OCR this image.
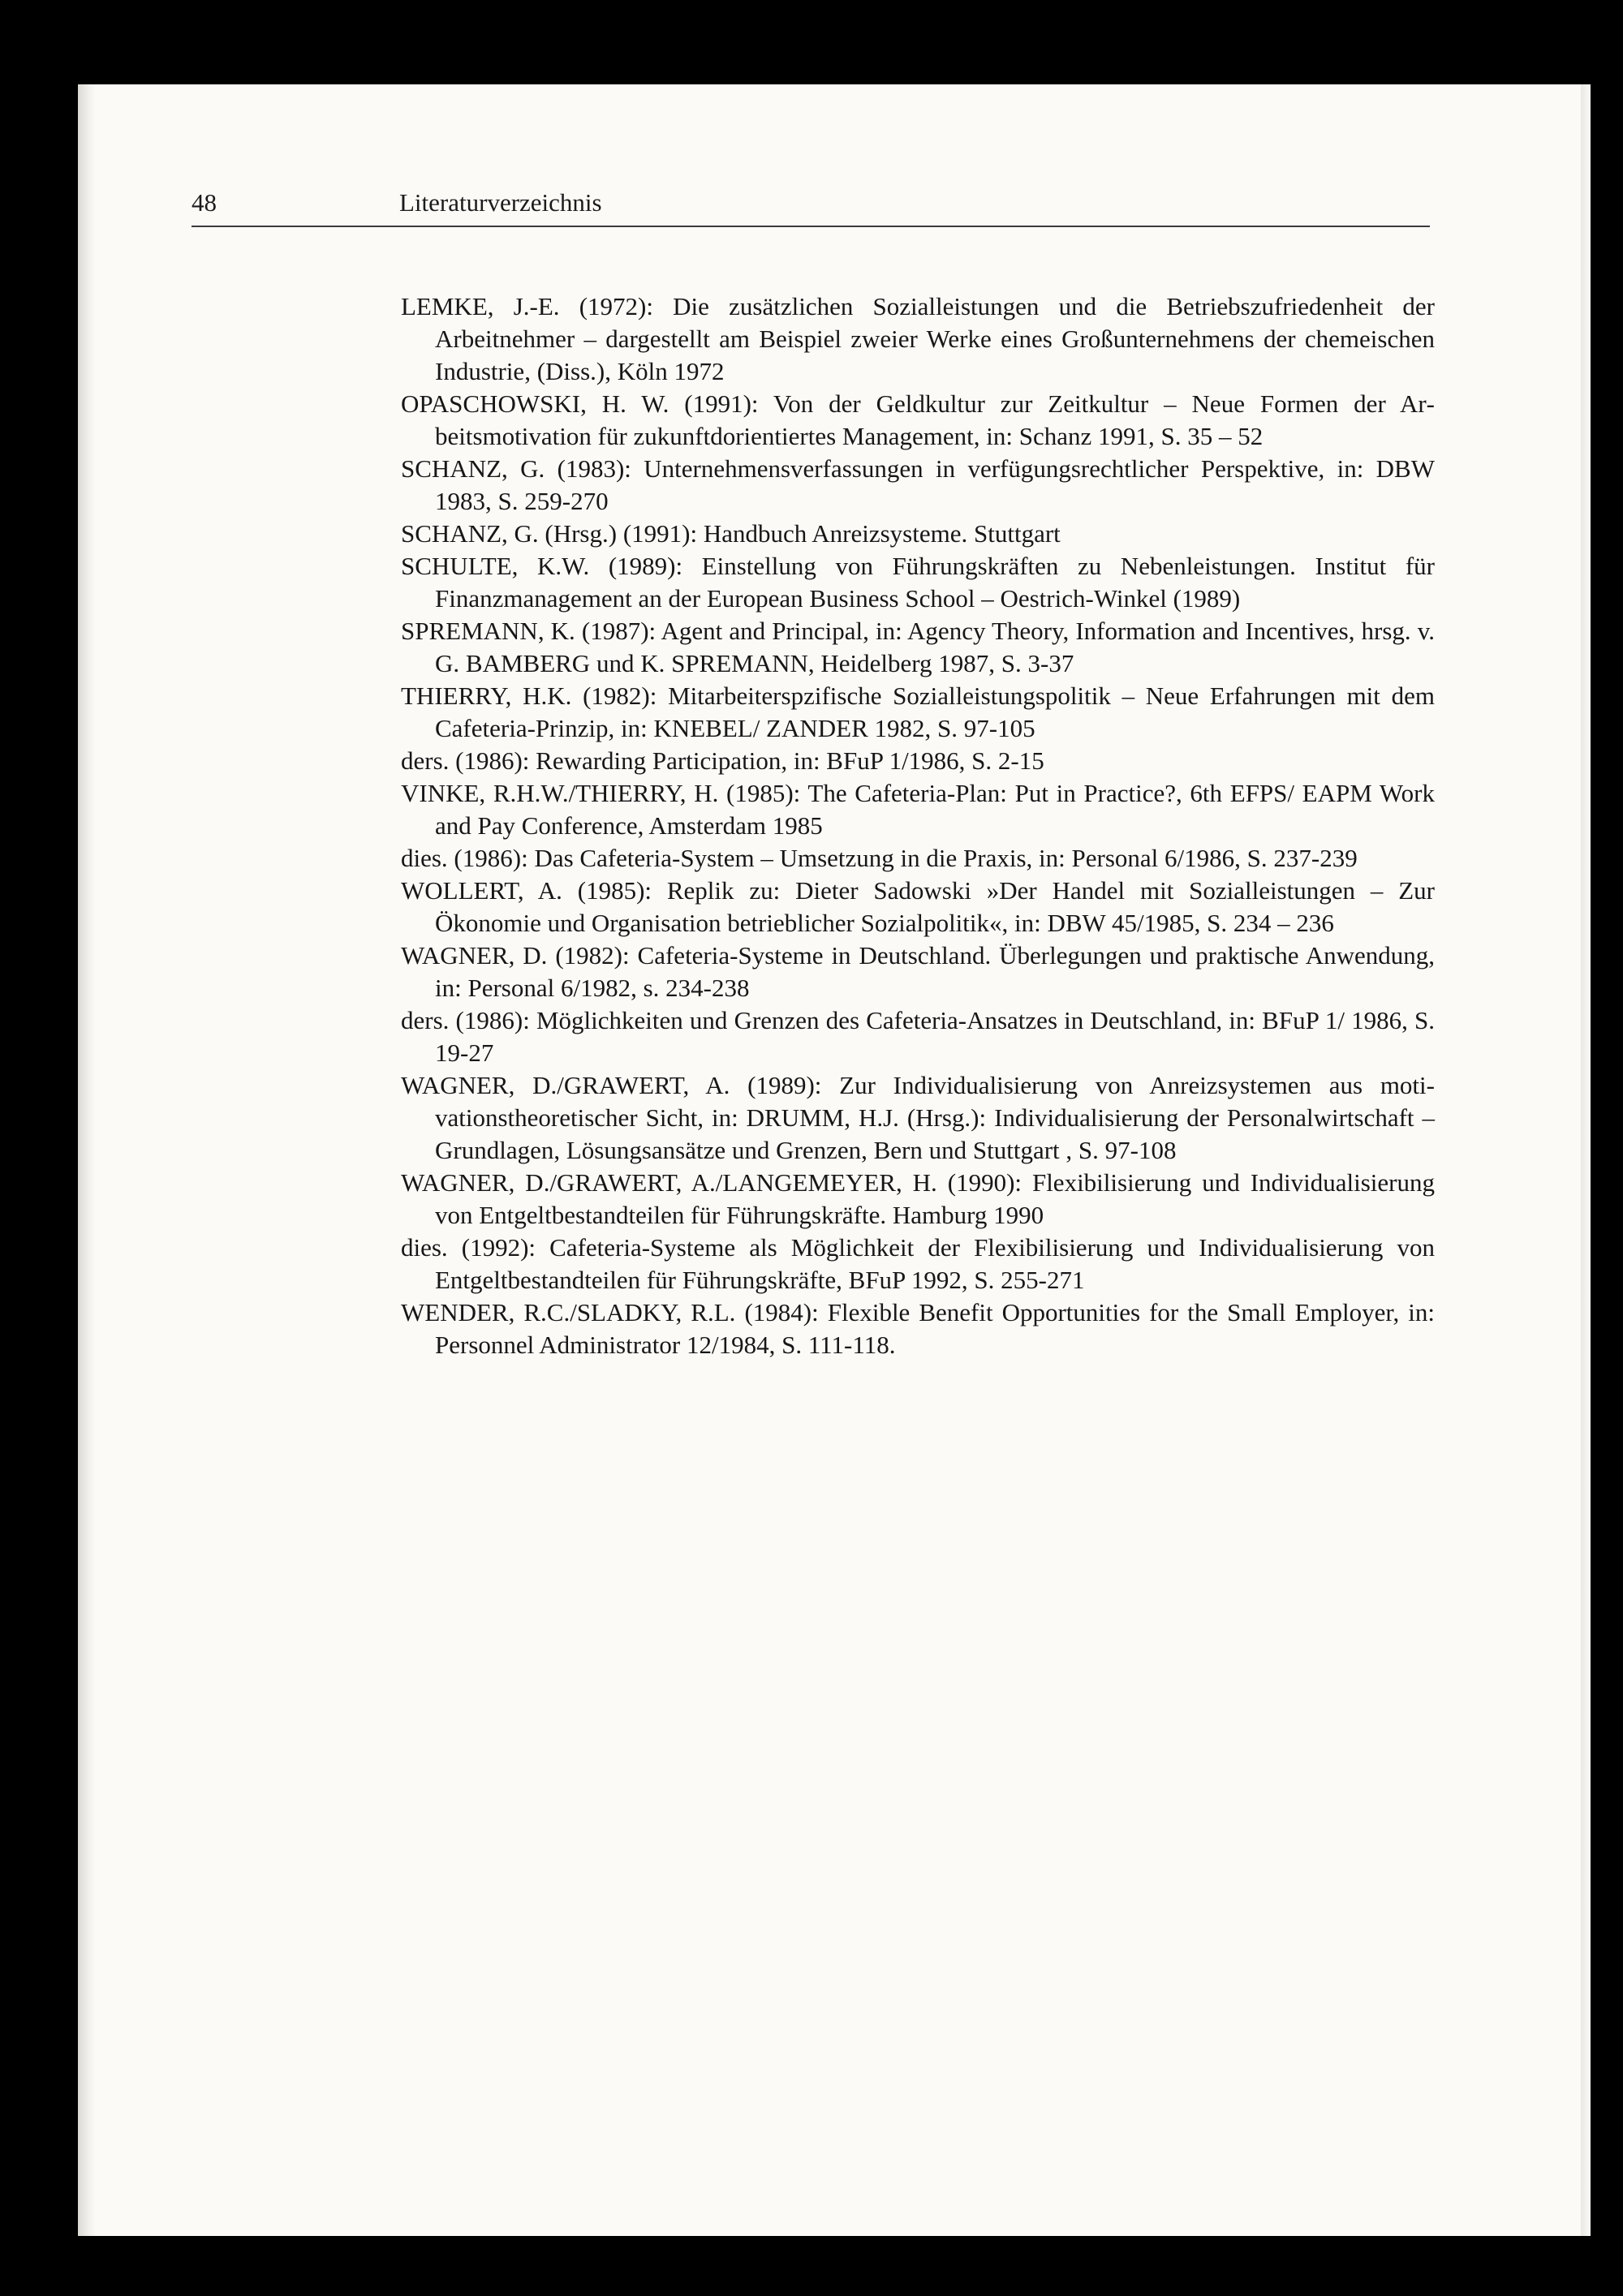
48	Literaturverzeichnis
LEMKE, J.-E. (1972): Die zusätzlichen Sozialleistungen und die Betriebszufriedenheit der Arbeitnehmer – dargestellt am Beispiel zweier Werke eines Großunternehmens der chemeischen Industrie, (Diss.), Köln 1972
OPASCHOWSKI, H. W. (1991): Von der Geldkultur zur Zeitkultur – Neue Formen der Arbeitsmotivation für zukunftdorientiertes Management, in: Schanz 1991, S. 35 – 52
SCHANZ, G. (1983): Unternehmensverfassungen in verfügungsrechtlicher Perspektive, in: DBW 1983, S. 259-270
SCHANZ, G. (Hrsg.) (1991): Handbuch Anreizsysteme. Stuttgart
SCHULTE, K.W. (1989): Einstellung von Führungskräften zu Nebenleistungen. Institut für Finanzmanagement an der European Business School – Oestrich-Winkel (1989)
SPREMANN, K. (1987): Agent and Principal, in: Agency Theory, Information and Incentives, hrsg. v. G. BAMBERG und K. SPREMANN, Heidelberg 1987, S. 3-37
THIERRY, H.K. (1982): Mitarbeiterspzifische Sozialleistungspolitik – Neue Erfahrungen mit dem Cafeteria-Prinzip, in: KNEBEL/ ZANDER 1982, S. 97-105
ders. (1986): Rewarding Participation, in: BFuP 1/1986, S. 2-15
VINKE, R.H.W./THIERRY, H. (1985): The Cafeteria-Plan: Put in Practice?, 6th EFPS/ EAPM Work and Pay Conference, Amsterdam 1985
dies. (1986): Das Cafeteria-System – Umsetzung in die Praxis, in: Personal 6/1986, S. 237-239
WOLLERT, A. (1985): Replik zu: Dieter Sadowski »Der Handel mit Sozialleistungen – Zur Ökonomie und Organisation betrieblicher Sozialpolitik«, in: DBW 45/1985, S. 234 – 236
WAGNER, D. (1982): Cafeteria-Systeme in Deutschland. Überlegungen und praktische Anwendung, in: Personal 6/1982, s. 234-238
ders. (1986): Möglichkeiten und Grenzen des Cafeteria-Ansatzes in Deutschland, in: BFuP 1/ 1986, S. 19-27
WAGNER, D./GRAWERT, A. (1989): Zur Individualisierung von Anreizsystemen aus motivationstheoretischer Sicht, in: DRUMM, H.J. (Hrsg.): Individualisierung der Personalwirtschaft – Grundlagen, Lösungsansätze und Grenzen, Bern und Stuttgart , S. 97-108
WAGNER, D./GRAWERT, A./LANGEMEYER, H. (1990): Flexibilisierung und Individualisierung von Entgeltbestandteilen für Führungskräfte. Hamburg 1990
dies. (1992): Cafeteria-Systeme als Möglichkeit der Flexibilisierung und Individualisierung von Entgeltbestandteilen für Führungskräfte, BFuP 1992, S. 255-271
WENDER, R.C./SLADKY, R.L. (1984): Flexible Benefit Opportunities for the Small Employer, in: Personnel Administrator 12/1984, S. 111-118.
